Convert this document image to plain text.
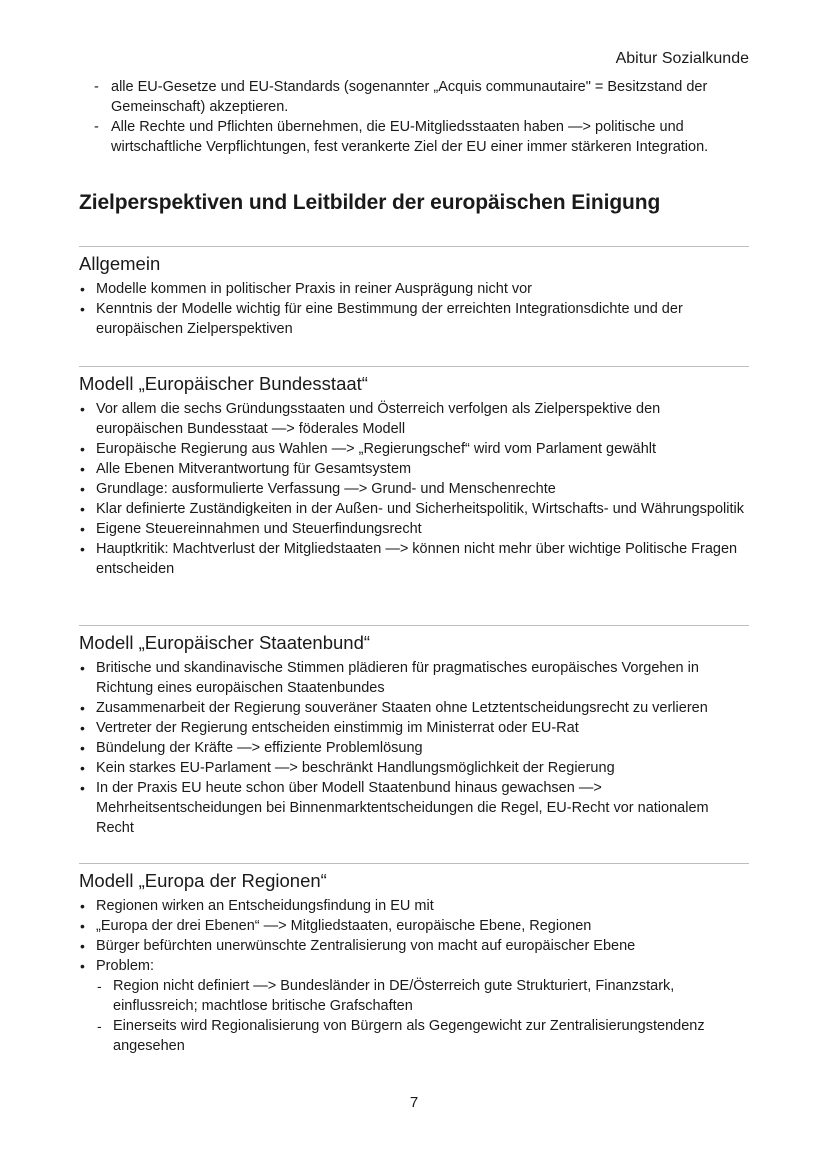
Abitur Sozialkunde
- alle EU-Gesetze und EU-Standards (sogenannter „Acquis communautaire" = Besitzstand der Gemeinschaft) akzeptieren.
- Alle Rechte und Pflichten übernehmen, die EU-Mitgliedsstaaten haben —> politische und wirtschaftliche Verpflichtungen, fest verankerte Ziel der EU einer immer stärkeren Integration.
Zielperspektiven und Leitbilder der europäischen Einigung
Allgemein
• Modelle kommen in politischer Praxis in reiner Ausprägung nicht vor
• Kenntnis der Modelle wichtig für eine Bestimmung der erreichten Integrationsdichte und der europäischen Zielperspektiven
Modell „Europäischer Bundesstaat“
• Vor allem die sechs Gründungsstaaten und Österreich verfolgen als Zielperspektive den europäischen Bundesstaat —> föderales Modell
• Europäische Regierung aus Wahlen —> „Regierungschef“ wird vom Parlament gewählt
• Alle Ebenen Mitverantwortung für Gesamtsystem
• Grundlage: ausformulierte Verfassung —> Grund- und Menschenrechte
• Klar definierte Zuständigkeiten in der Außen- und Sicherheitspolitik, Wirtschafts- und Währungspolitik
• Eigene Steuereinnahmen und Steuerfindungsrecht
• Hauptkritik: Machtverlust der Mitgliedstaaten —> können nicht mehr über wichtige Politische Fragen entscheiden
Modell „Europäischer Staatenbund“
• Britische und skandinavische Stimmen plädieren für pragmatisches europäisches Vorgehen in Richtung eines europäischen Staatenbundes
• Zusammenarbeit der Regierung souveräner Staaten ohne Letztentscheidungsrecht zu verlieren
• Vertreter der Regierung entscheiden einstimmig im Ministerrat oder EU-Rat
• Bündelung der Kräfte —> effiziente Problemlösung
• Kein starkes EU-Parlament —> beschränkt Handlungsmöglichkeit der Regierung
• In der Praxis EU heute schon über Modell Staatenbund hinaus gewachsen —> Mehrheitsentscheidungen bei Binnenmarktentscheidungen die Regel, EU-Recht vor nationalem Recht
Modell „Europa der Regionen“
• Regionen wirken an Entscheidungsfindung in EU mit
• „Europa der drei Ebenen“ —> Mitgliedstaaten, europäische Ebene, Regionen
• Bürger befürchten unerwünschte Zentralisierung von macht auf europäischer Ebene
• Problem:
- Region nicht definiert —> Bundesländer in DE/Österreich gute Strukturiert, Finanzstark, einflussreich; machtlose britische Grafschaften
- Einerseits wird Regionalisierung von Bürgern als Gegengewicht zur Zentralisierungstendenz angesehen
7
